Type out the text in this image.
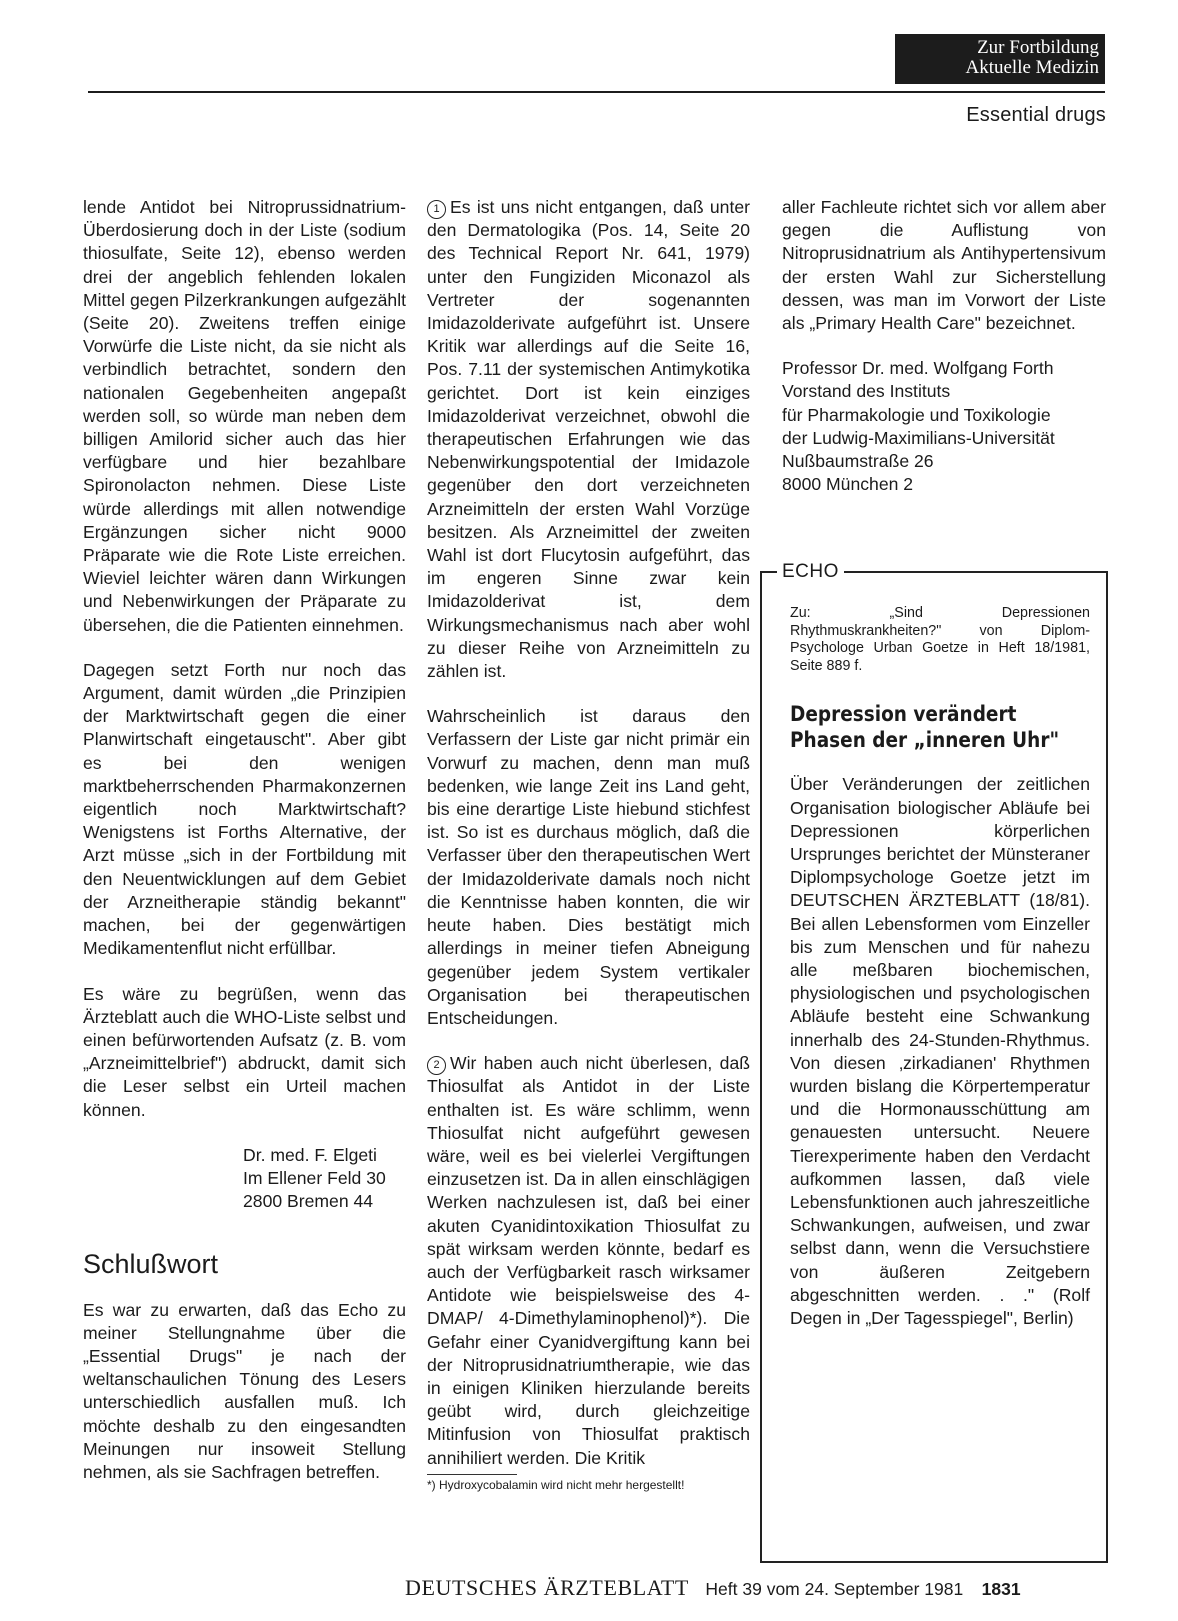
Zur Fortbildung
Aktuelle Medizin
Essential drugs

lende Antidot bei Nitroprussidnatrium-Überdosierung doch in der Liste (sodium thiosulfate, Seite 12), ebenso werden drei der angeblich fehlenden lokalen Mittel gegen Pilzerkrankungen aufgezählt (Seite 20). Zweitens treffen einige Vorwürfe die Liste nicht, da sie nicht als verbindlich betrachtet, sondern den nationalen Gegebenheiten angepaßt werden soll, so würde man neben dem billigen Amilorid sicher auch das hier verfügbare und hier bezahlbare Spironolacton nehmen. Diese Liste würde allerdings mit allen notwendige Ergänzungen sicher nicht 9000 Präparate wie die Rote Liste erreichen. Wieviel leichter wären dann Wirkungen und Nebenwirkungen der Präparate zu übersehen, die die Patienten einnehmen.

Dagegen setzt Forth nur noch das Argument, damit würden „die Prinzipien der Marktwirtschaft gegen die einer Planwirtschaft eingetauscht". Aber gibt es bei den wenigen marktbeherrschenden Pharmakonzernen eigentlich noch Marktwirtschaft? Wenigstens ist Forths Alternative, der Arzt müsse „sich in der Fortbildung mit den Neuentwicklungen auf dem Gebiet der Arzneitherapie ständig bekannt" machen, bei der gegenwärtigen Medikamentenflut nicht erfüllbar.

Es wäre zu begrüßen, wenn das Ärzteblatt auch die WHO-Liste selbst und einen befürwortenden Aufsatz (z. B. vom „Arzneimittelbrief") abdruckt, damit sich die Leser selbst ein Urteil machen können.

Dr. med. F. Elgeti
Im Ellener Feld 30
2800 Bremen 44
Schlußwort

Es war zu erwarten, daß das Echo zu meiner Stellungnahme über die „Essential Drugs" je nach der weltanschaulichen Tönung des Lesers unterschiedlich ausfallen muß. Ich möchte deshalb zu den eingesandten Meinungen nur insoweit Stellung nehmen, als sie Sachfragen betreffen.

1 Es ist uns nicht entgangen, daß unter den Dermatologika (Pos. 14, Seite 20 des Technical Report Nr. 641, 1979) unter den Fungiziden Miconazol als Vertreter der sogenannten Imidazolderivate aufgeführt ist. Unsere Kritik war allerdings auf die Seite 16, Pos. 7.11 der systemischen Antimykotika gerichtet. Dort ist kein einziges Imidazolderivat verzeichnet, obwohl die therapeutischen Erfahrungen wie das Nebenwirkungspotential der Imidazole gegenüber den dort verzeichneten Arzneimitteln der ersten Wahl Vorzüge besitzen. Als Arzneimittel der zweiten Wahl ist dort Flucytosin aufgeführt, das im engeren Sinne zwar kein Imidazolderivat ist, dem Wirkungsmechanismus nach aber wohl zu dieser Reihe von Arzneimitteln zu zählen ist.

Wahrscheinlich ist daraus den Verfassern der Liste gar nicht primär ein Vorwurf zu machen, denn man muß bedenken, wie lange Zeit ins Land geht, bis eine derartige Liste hiebund stichfest ist. So ist es durchaus möglich, daß die Verfasser über den therapeutischen Wert der Imidazolderivate damals noch nicht die Kenntnisse haben konnten, die wir heute haben. Dies bestätigt mich allerdings in meiner tiefen Abneigung gegenüber jedem System vertikaler Organisation bei therapeutischen Entscheidungen.

2 Wir haben auch nicht überlesen, daß Thiosulfat als Antidot in der Liste enthalten ist. Es wäre schlimm, wenn Thiosulfat nicht aufgeführt gewesen wäre, weil es bei vielerlei Vergiftungen einzusetzen ist. Da in allen einschlägigen Werken nachzulesen ist, daß bei einer akuten Cyanidintoxikation Thiosulfat zu spät wirksam werden könnte, bedarf es auch der Verfügbarkeit rasch wirksamer Antidote wie beispielsweise des 4-DMAP/ 4-Dimethylaminophenol)*). Die Gefahr einer Cyanidvergiftung kann bei der Nitroprusidnatriumtherapie, wie das in einigen Kliniken hierzulande bereits geübt wird, durch gleichzeitige Mitinfusion von Thiosulfat praktisch annihiliert werden. Die Kritik

*) Hydroxycobalamin wird nicht mehr hergestellt!

aller Fachleute richtet sich vor allem aber gegen die Auflistung von Nitroprusidnatrium als Antihypertensivum der ersten Wahl zur Sicherstellung dessen, was man im Vorwort der Liste als „Primary Health Care" bezeichnet.

Professor Dr. med. Wolfgang Forth
Vorstand des Instituts
für Pharmakologie und Toxikologie
der Ludwig-Maximilians-Universität
Nußbaumstraße 26
8000 München 2
ECHO

Zu: „Sind Depressionen Rhythmuskrankheiten?" von Diplom-Psychologe Urban Goetze in Heft 18/1981, Seite 889 f.

Depression verändert
Phasen der „inneren Uhr"

Über Veränderungen der zeitlichen Organisation biologischer Abläufe bei Depressionen körperlichen Ursprunges berichtet der Münsteraner Diplompsychologe Goetze jetzt im DEUTSCHEN ÄRZTEBLATT (18/81). Bei allen Lebensformen vom Einzeller bis zum Menschen und für nahezu alle meßbaren biochemischen, physiologischen und psychologischen Abläufe besteht eine Schwankung innerhalb des 24-Stunden-Rhythmus. Von diesen ‚zirkadianen' Rhythmen wurden bislang die Körpertemperatur und die Hormonausschüttung am genauesten untersucht. Neuere Tierexperimente haben den Verdacht aufkommen lassen, daß viele Lebensfunktionen auch jahreszeitliche Schwankungen, aufweisen, und zwar selbst dann, wenn die Versuchstiere von äußeren Zeitgebern abgeschnitten werden. . ." (Rolf Degen in „Der Tagesspiegel", Berlin)

DEUTSCHES ÄRZTEBLATT Heft 39 vom 24. September 1981 1831
